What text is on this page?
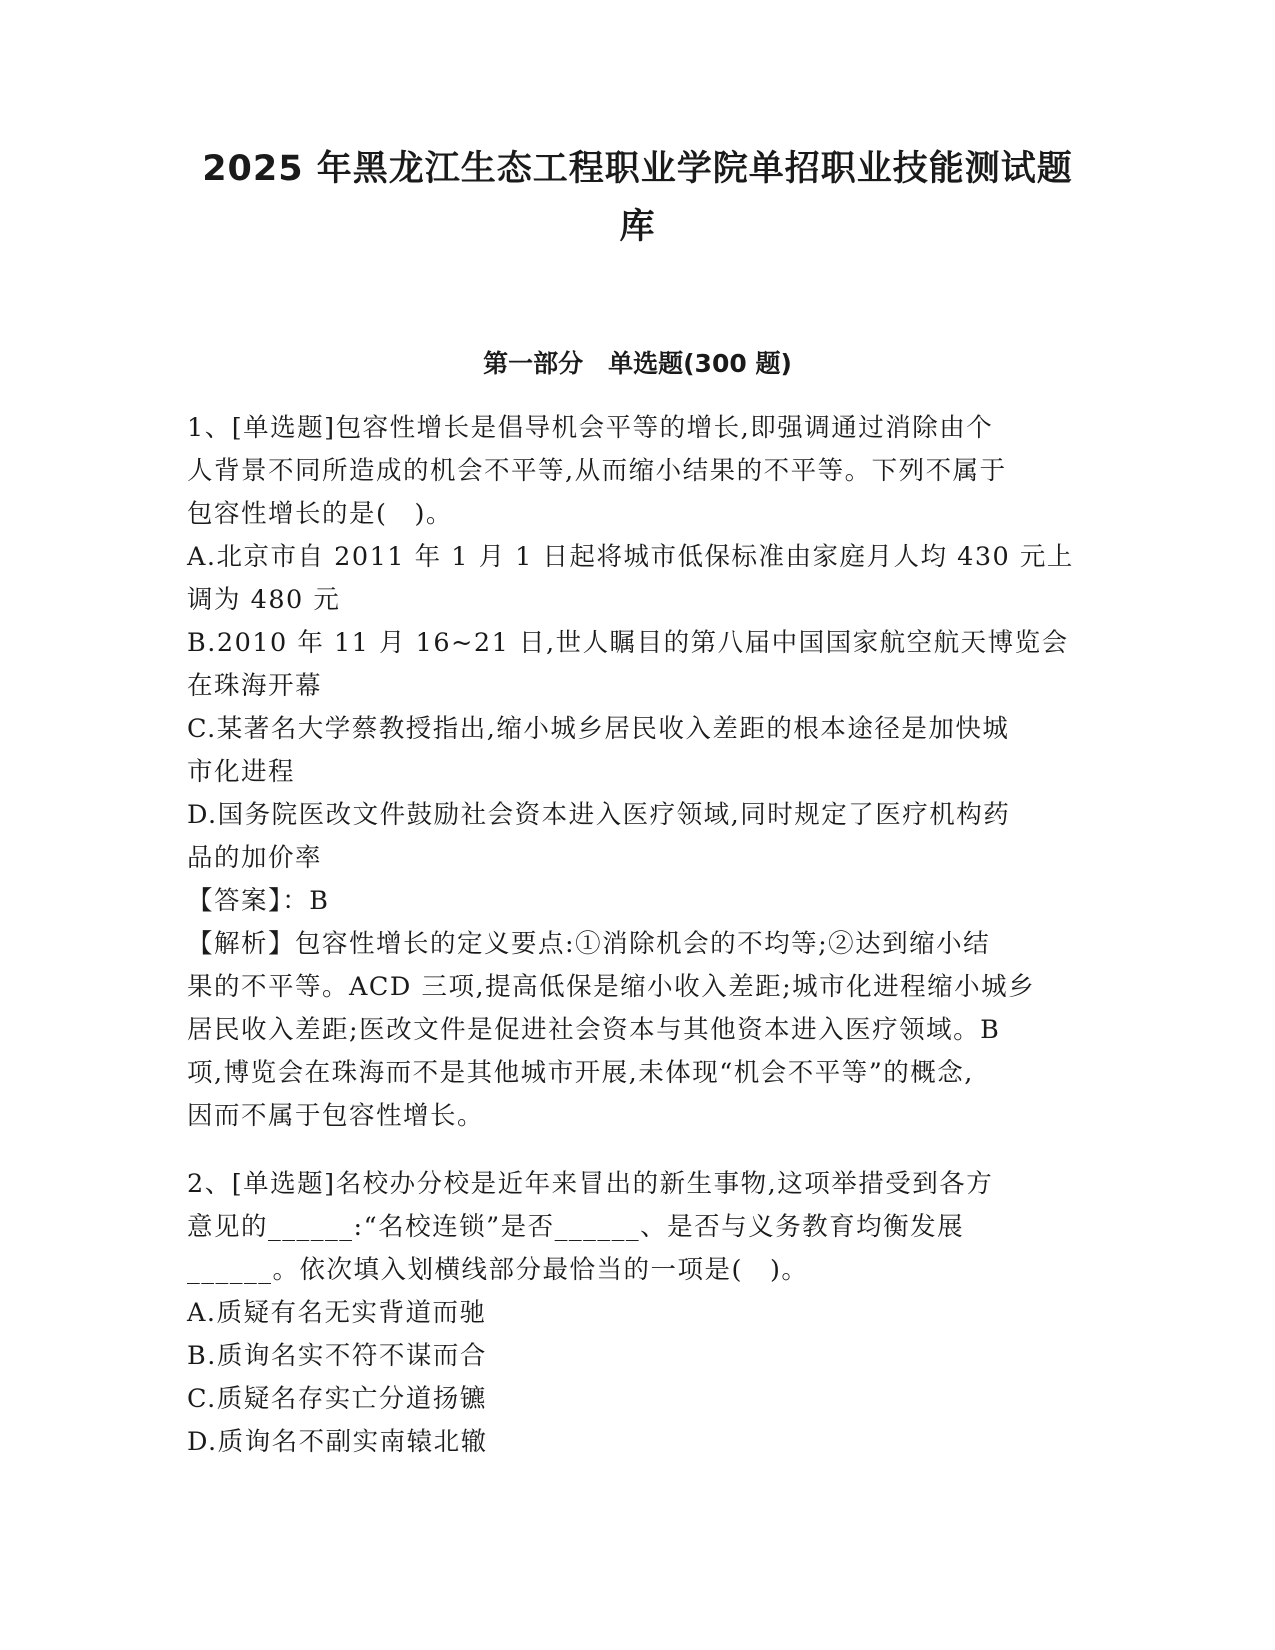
2025 年黑龙江生态工程职业学院单招职业技能测试题
库
第一部分　单选题(300 题)
1、[单选题]包容性增长是倡导机会平等的增长,即强调通过消除由个
人背景不同所造成的机会不平等,从而缩小结果的不平等。下列不属于
包容性增长的是(　)。
A.北京市自 2011 年 1 月 1 日起将城市低保标准由家庭月人均 430 元上
调为 480 元
B.2010 年 11 月 16~21 日,世人瞩目的第八届中国国家航空航天博览会
在珠海开幕
C.某著名大学蔡教授指出,缩小城乡居民收入差距的根本途径是加快城
市化进程
D.国务院医改文件鼓励社会资本进入医疗领域,同时规定了医疗机构药
品的加价率
【答案】：B
【解析】包容性增长的定义要点:①消除机会的不均等;②达到缩小结
果的不平等。ACD 三项,提高低保是缩小收入差距;城市化进程缩小城乡
居民收入差距;医改文件是促进社会资本与其他资本进入医疗领域。B
项,博览会在珠海而不是其他城市开展,未体现“机会不平等”的概念,
因而不属于包容性增长。
2、[单选题]名校办分校是近年来冒出的新生事物,这项举措受到各方
意见的______:“名校连锁”是否______、是否与义务教育均衡发展
______。依次填入划横线部分最恰当的一项是(　)。
A.质疑有名无实背道而驰
B.质询名实不符不谋而合
C.质疑名存实亡分道扬镳
D.质询名不副实南辕北辙
